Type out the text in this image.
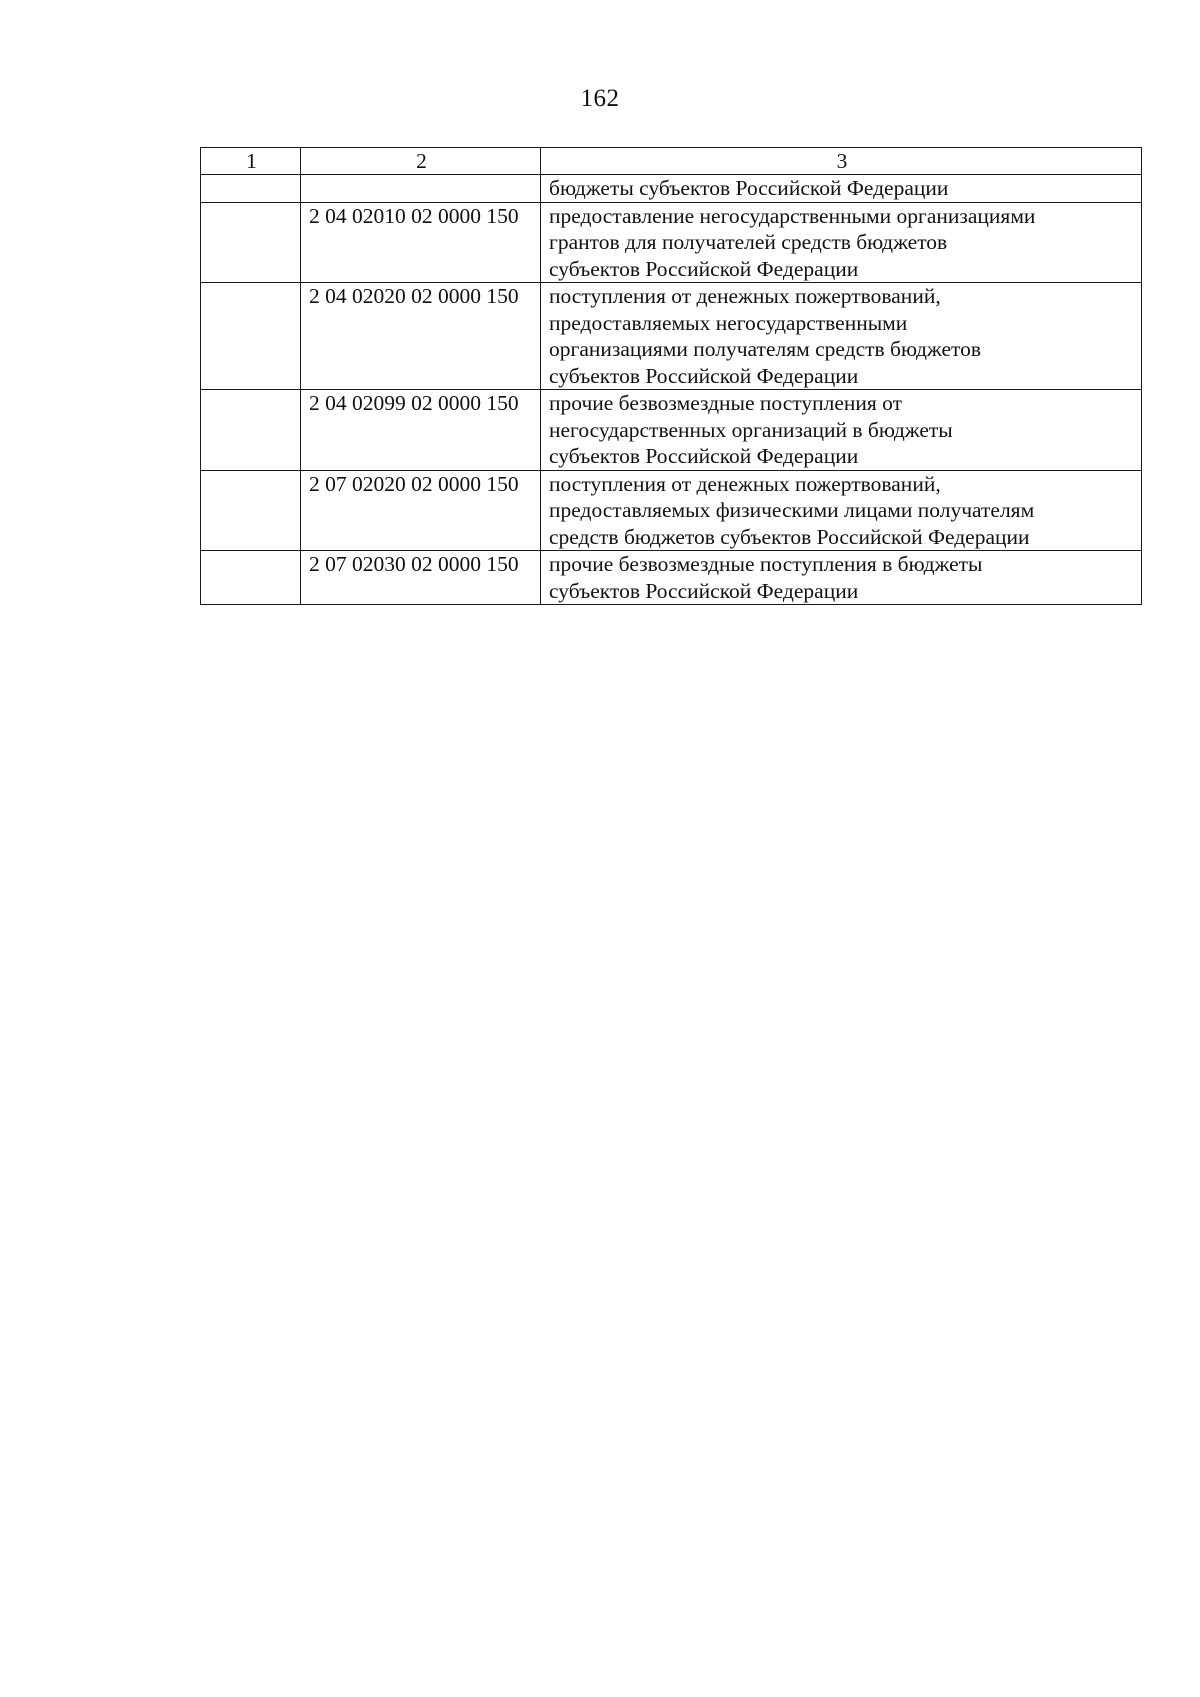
162
1	2	3

		бюджеты субъектов Российской Федерации

	2 04 02010 02 0000 150	предоставление негосударственными организациями
грантов для получателей средств бюджетов
субъектов Российской Федерации

	2 04 02020 02 0000 150	поступления от денежных пожертвований,
предоставляемых негосударственными
организациями получателям средств бюджетов
субъектов Российской Федерации

	2 04 02099 02 0000 150	прочие безвозмездные поступления от
негосударственных организаций в бюджеты
субъектов Российской Федерации

	2 07 02020 02 0000 150	поступления от денежных пожертвований,
предоставляемых физическими лицами получателям
средств бюджетов субъектов Российской Федерации

	2 07 02030 02 0000 150	прочие безвозмездные поступления в бюджеты
субъектов Российской Федерации
